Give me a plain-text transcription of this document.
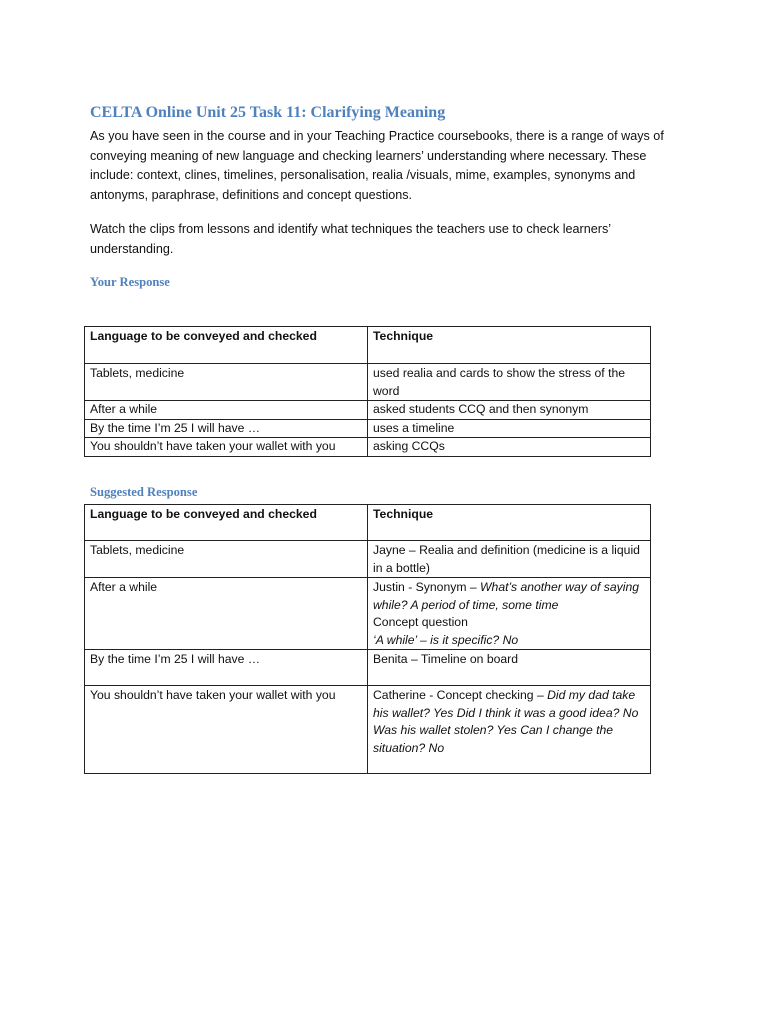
CELTA Online Unit 25 Task 11: Clarifying Meaning

As you have seen in the course and in your Teaching Practice coursebooks, there is a range of ways of conveying meaning of new language and checking learners’ understanding where necessary. These include: context, clines, timelines, personalisation, realia /visuals, mime, examples, synonyms and antonyms, paraphrase, definitions and concept questions.

Watch the clips from lessons and identify what techniques the teachers use to check learners’ understanding.

Your Response
Language to be conveyed and checked	Technique
Tablets, medicine	used realia and cards to show the stress of the word
After a while	asked students CCQ and then synonym
By the time I’m 25 I will have …	uses a timeline
You shouldn’t have taken your wallet with you	asking CCQs
Suggested Response
Language to be conveyed and checked	Technique
Tablets, medicine	Jayne – Realia and definition (medicine is a liquid in a bottle)
After a while	Justin - Synonym – What’s another way of saying while? A period of time, some time
Concept question
‘A while’ – is it specific? No
By the time I’m 25 I will have …	Benita – Timeline on board
You shouldn’t have taken your wallet with you	Catherine - Concept checking – Did my dad take his wallet? Yes Did I think it was a good idea? No Was his wallet stolen? Yes Can I change the situation? No
